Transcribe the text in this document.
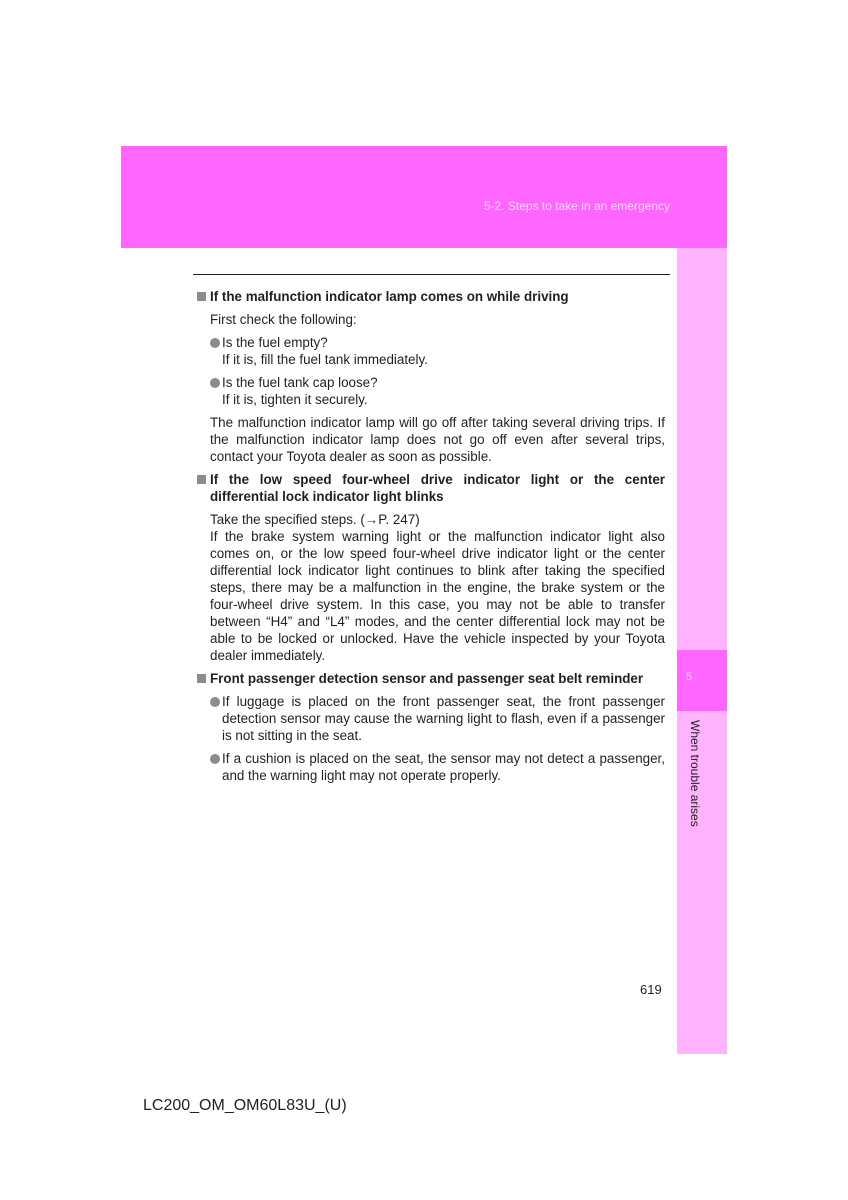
5-2. Steps to take in an emergency
5
When trouble arises
If the malfunction indicator lamp comes on while driving
First check the following:
Is the fuel empty?
If it is, fill the fuel tank immediately.
Is the fuel tank cap loose?
If it is, tighten it securely.
The malfunction indicator lamp will go off after taking several driving trips. If the malfunction indicator lamp does not go off even after several trips, contact your Toyota dealer as soon as possible.
If the low speed four-wheel drive indicator light or the center differential lock indicator light blinks
Take the specified steps. (→P. 247)
If the brake system warning light or the malfunction indicator light also comes on, or the low speed four-wheel drive indicator light or the center differential lock indicator light continues to blink after taking the specified steps, there may be a malfunction in the engine, the brake system or the four-wheel drive system. In this case, you may not be able to transfer between “H4” and “L4” modes, and the center differential lock may not be able to be locked or unlocked. Have the vehicle inspected by your Toyota dealer immediately.
Front passenger detection sensor and passenger seat belt reminder
If luggage is placed on the front passenger seat, the front passenger detection sensor may cause the warning light to flash, even if a passenger is not sitting in the seat.
If a cushion is placed on the seat, the sensor may not detect a passenger, and the warning light may not operate properly.
619
LC200_OM_OM60L83U_(U)
